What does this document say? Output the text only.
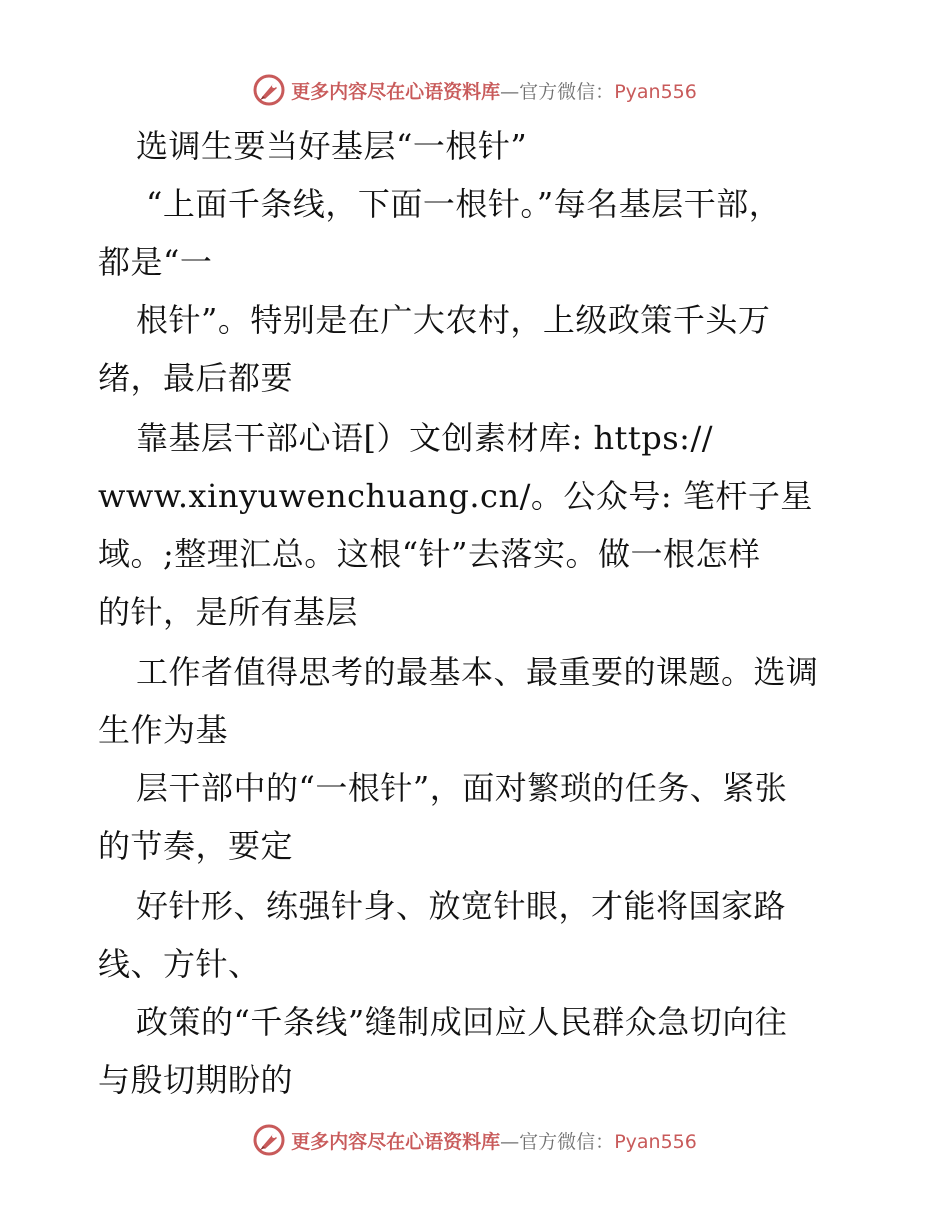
更多内容尽在心语资料库—官方微信：Pyan556
选调生要当好基层“一根针”
“上面千条线，下面一根针。”每名基层干部，
都是“一
根针”。特别是在广大农村，上级政策千头万
绪，最后都要
靠基层干部心语[）文创素材库: https://
www.xinyuwenchuang.cn/。公众号: 笔杆子星
域。;整理汇总。这根“针”去落实。做一根怎样
的针，是所有基层
工作者值得思考的最基本、最重要的课题。选调
生作为基
层干部中的“一根针”，面对繁琐的任务、紧张
的节奏，要定
好针形、练强针身、放宽针眼，才能将国家路
线、方针、
政策的“千条线”缝制成回应人民群众急切向往
与殷切期盼的
更多内容尽在心语资料库—官方微信：Pyan556
